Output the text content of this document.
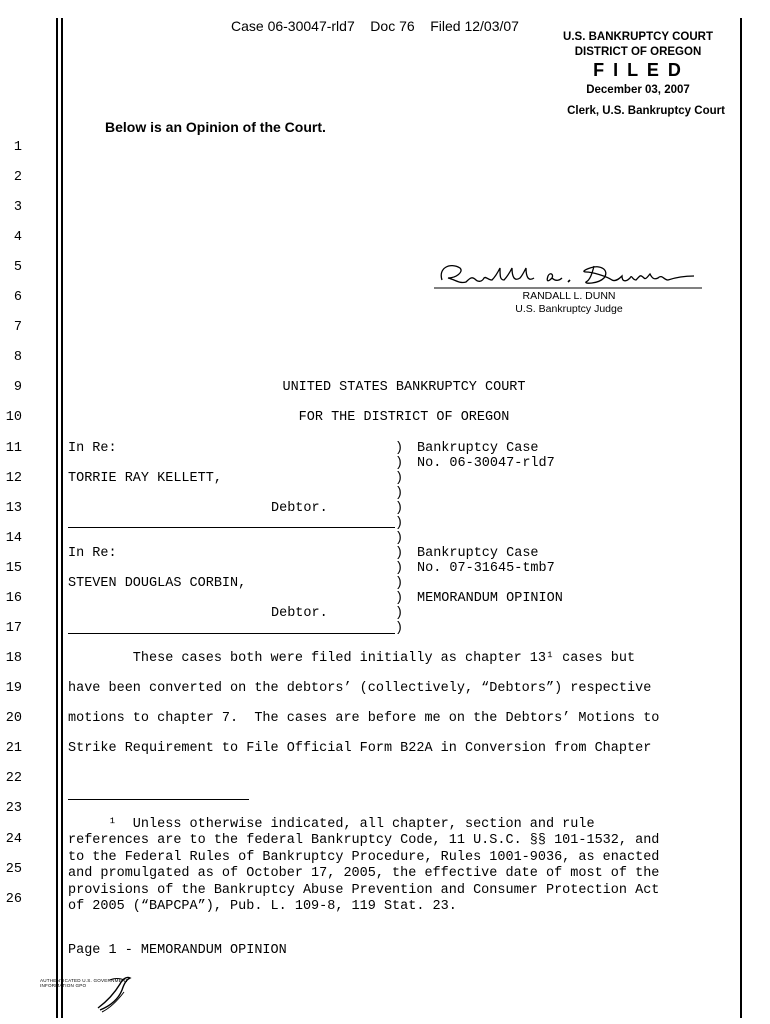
Case 06-30047-rld7    Doc 76    Filed 12/03/07
U.S. BANKRUPTCY COURT
DISTRICT OF OREGON
F I L E D
December 03, 2007
Clerk, U.S. Bankruptcy Court
Below is an Opinion of the Court.
1
2
3
4
5
6
7
8
9
10
11
12
13
14
15
16
17
18
19
20
21
22
23
24
25
26
RANDALL L. DUNN
U.S. Bankruptcy Judge
UNITED STATES BANKRUPTCY COURT
FOR THE DISTRICT OF OREGON
In Re:
TORRIE RAY KELLETT,
Debtor.
Bankruptcy Case
No. 06-30047-rld7
In Re:
STEVEN DOUGLAS CORBIN,
Debtor.
Bankruptcy Case
No. 07-31645-tmb7
MEMORANDUM OPINION
)
)
)
)
)
)
)
)
)
)
)
)
)
These cases both were filed initially as chapter 13¹ cases but
have been converted on the debtors’ (collectively, “Debtors”) respective
motions to chapter 7.  The cases are before me on the Debtors’ Motions to
Strike Requirement to File Official Form B22A in Conversion from Chapter
¹  Unless otherwise indicated, all chapter, section and rule
references are to the federal Bankruptcy Code, 11 U.S.C. §§ 101-1532, and
to the Federal Rules of Bankruptcy Procedure, Rules 1001-9036, as enacted
and promulgated as of October 17, 2005, the effective date of most of the
provisions of the Bankruptcy Abuse Prevention and Consumer Protection Act
of 2005 (“BAPCPA”), Pub. L. 109-8, 119 Stat. 23.
Page 1 - MEMORANDUM OPINION
AUTHENTICATED U.S. GOVERNMENT INFORMATION GPO
